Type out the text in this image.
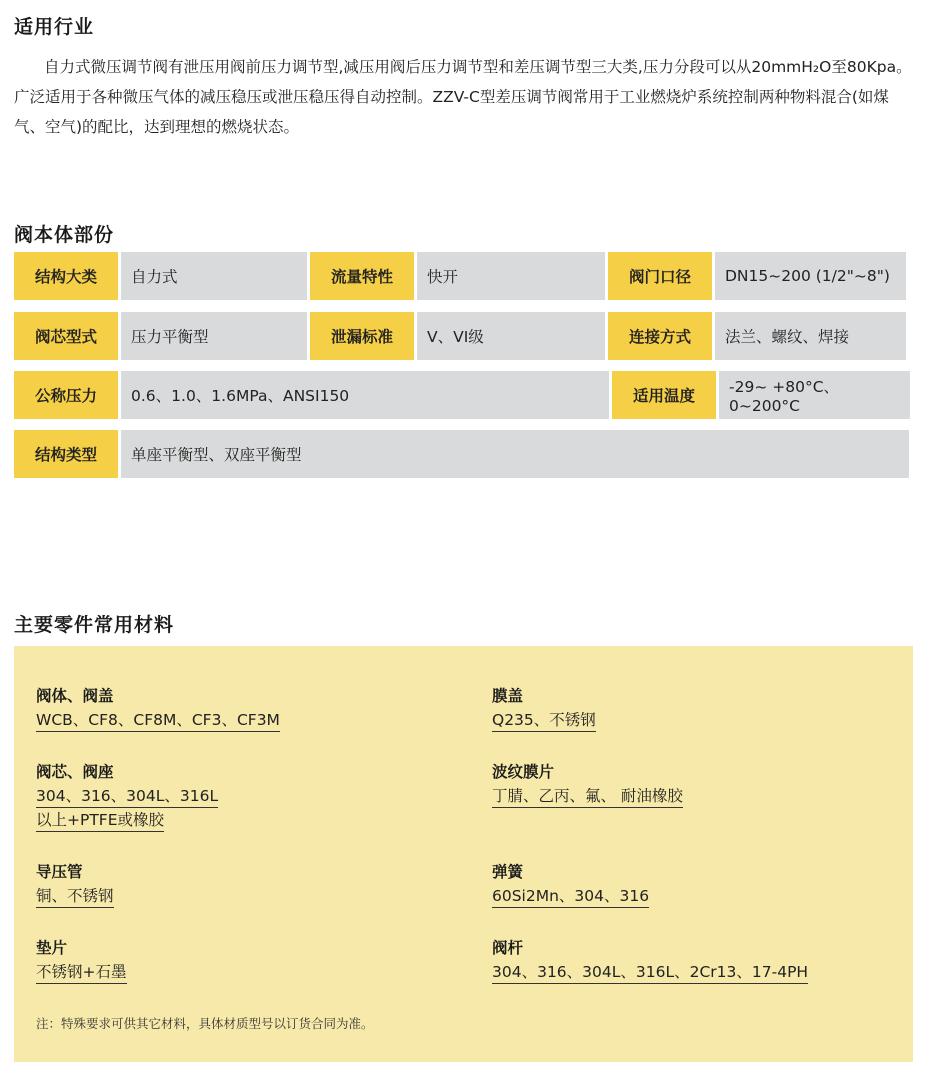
适用行业

自力式微压调节阀有泄压用阀前压力调节型,减压用阀后压力调节型和差压调节型三大类,压力分段可以从20mmH₂O至80Kpa。广泛适用于各种微压气体的减压稳压或泄压稳压得自动控制。ZZV-C型差压调节阀常用于工业燃烧炉系统控制两种物料混合(如煤气、空气)的配比，达到理想的燃烧状态。

阀本体部份
结构大类	自力式	流量特性	快开	阀门口径	DN15~200 (1/2"~8")
阀芯型式	压力平衡型	泄漏标准	V、VI级	连接方式	法兰、螺纹、焊接
公称压力	0.6、1.0、1.6MPa、ANSI150	适用温度	-29~ +80°C、0~200°C
结构类型	单座平衡型、双座平衡型
主要零件常用材料
阀体、阀盖
WCB、CF8、CF8M、CF3、CF3M
膜盖
Q235、不锈钢
阀芯、阀座
304、316、304L、316L
以上+PTFE或橡胶
波纹膜片
丁腈、乙丙、氟、 耐油橡胶
导压管
铜、不锈钢
弹簧
60Si2Mn、304、316
垫片
不锈钢+石墨
阀杆
304、316、304L、316L、2Cr13、17-4PH
注：特殊要求可供其它材料，具体材质型号以订货合同为准。
